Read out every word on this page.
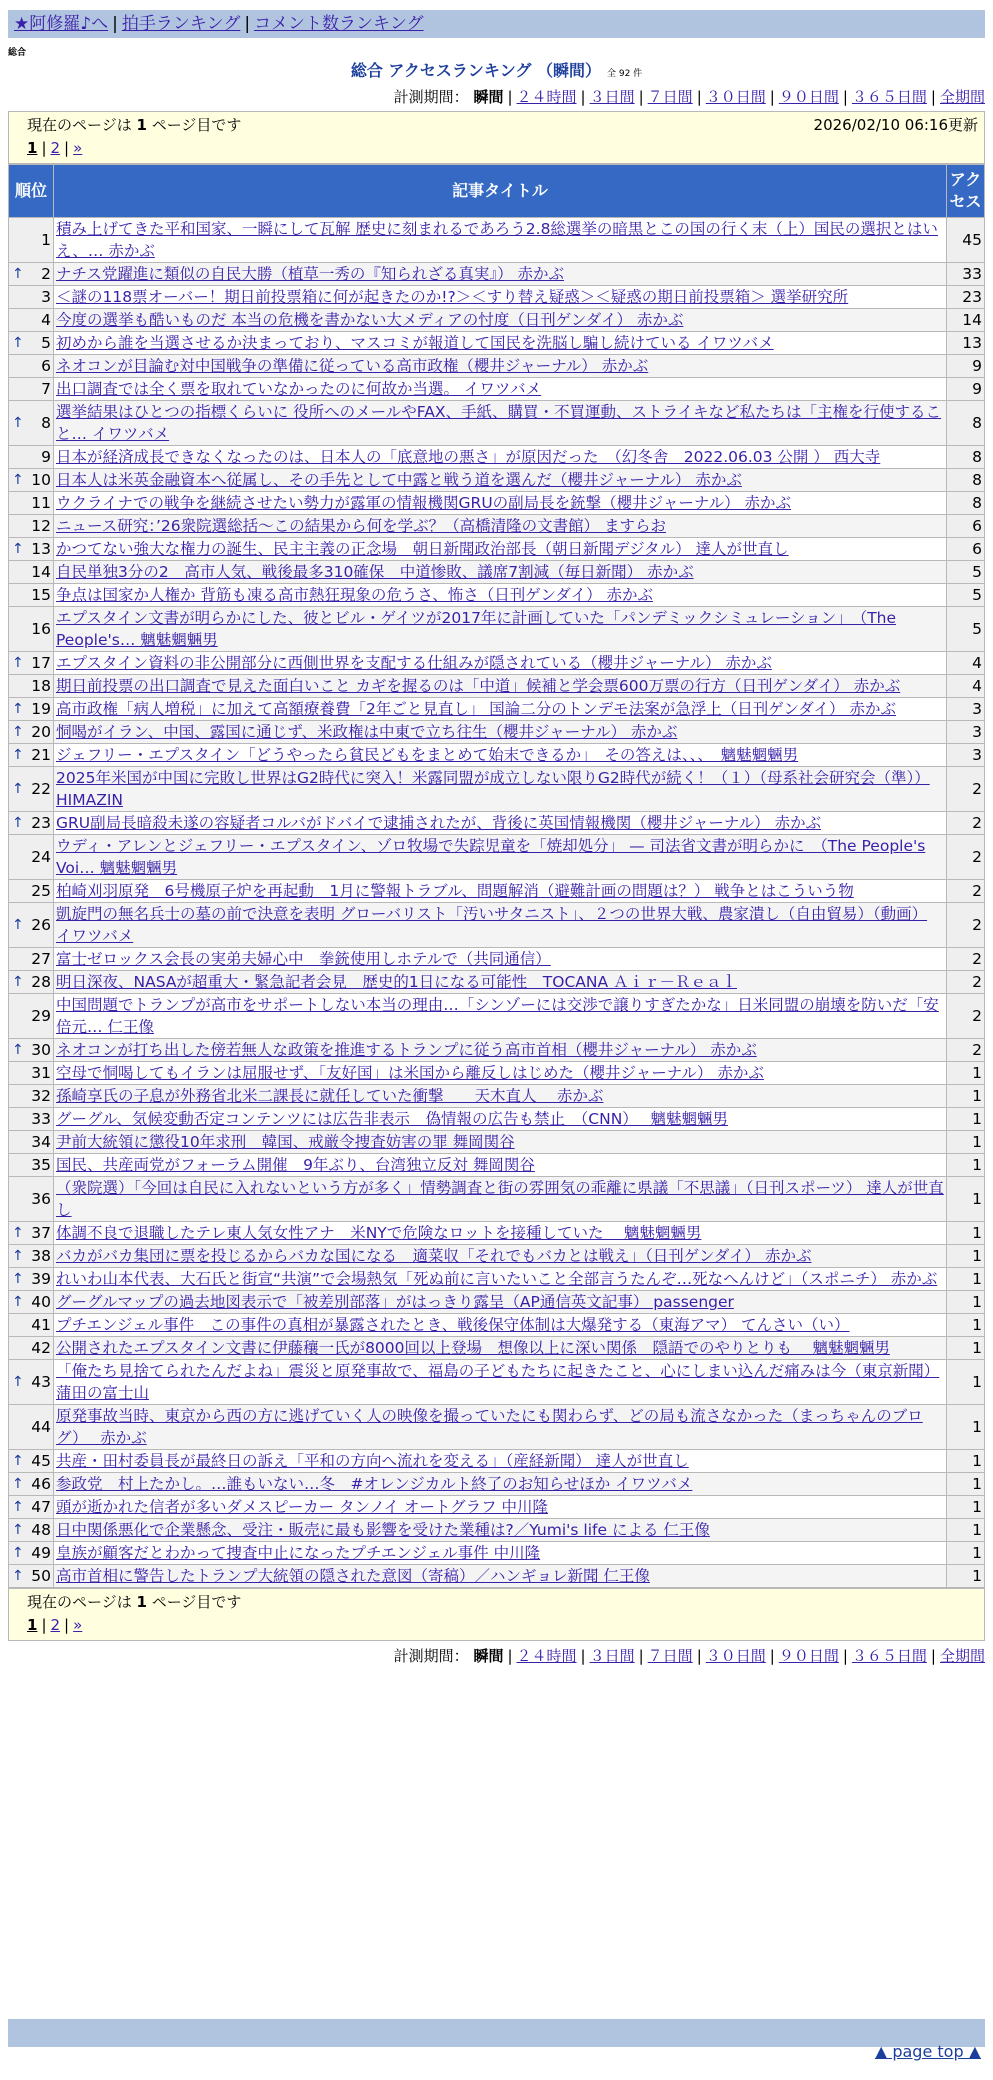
★阿修羅♪へ | 拍手ランキング | コメント数ランキング
総合
総合 アクセスランキング （瞬間） 全 92 件
計測期間： 瞬間 | ２４時間 | ３日間 | ７日間 | ３０日間 | ９０日間 | ３６５日間 | 全期間
現在のページは 1 ページ目です	2026/02/10 06:16更新
1 | 2 | »
順位	記事タイトル	アクセス
1	積み上げてきた平和国家、一瞬にして瓦解 歴史に刻まれるであろう2.8総選挙の暗黒とこの国の行く末（上）国民の選択とはいえ、… 赤かぶ	45

↑ 2	ナチス党躍進に類似の自民大勝（植草一秀の『知られざる真実』） 赤かぶ	33
3	＜謎の118票オーバー！期日前投票箱に何が起きたのか!?＞＜すり替え疑惑＞＜疑惑の期日前投票箱＞ 選挙研究所	23
4	今度の選挙も酷いものだ 本当の危機を書かない大メディアの忖度（日刊ゲンダイ） 赤かぶ	14

↑ 5	初めから誰を当選させるか決まっており、マスコミが報道して国民を洗脳し騙し続けている イワツバメ	13
6	ネオコンが目論む対中国戦争の準備に従っている高市政権（櫻井ジャーナル） 赤かぶ	9
7	出口調査では全く票を取れていなかったのに何故か当選。 イワツバメ	9

↑ 8	選挙結果はひとつの指標くらいに 役所へのメールやFAX、手紙、購買・不買運動、ストライキなど私たちは「主権を行使すること… イワツバメ	8
9	日本が経済成長できなくなったのは、日本人の「底意地の悪さ」が原因だった　（幻冬舎　2022.06.03 公開 ） 西大寺	8

↑ 10	日本人は米英金融資本へ従属し、その手先として中露と戦う道を選んだ（櫻井ジャーナル） 赤かぶ	8
11	ウクライナでの戦争を継続させたい勢力が露軍の情報機関GRUの副局長を銃撃（櫻井ジャーナル） 赤かぶ	8
12	ニュース研究：’26衆院選総括〜この結果から何を学ぶ？（高橋清隆の文書館） ますらお	6

↑ 13	かつてない強大な権力の誕生、民主主義の正念場　朝日新聞政治部長（朝日新聞デジタル） 達人が世直し	6
14	自民単独3分の2　高市人気、戦後最多310確保　中道惨敗、議席7割減（毎日新聞） 赤かぶ	5
15	争点は国家か人権か 背筋も凍る高市熱狂現象の危うさ、怖さ（日刊ゲンダイ） 赤かぶ	5
16	エプスタイン文書が明らかにした、彼とビル・ゲイツが2017年に計画していた「パンデミックシミュレーション」　（The People's… 魑魅魍魎男	5

↑ 17	エプスタイン資料の非公開部分に西側世界を支配する仕組みが隠されている（櫻井ジャーナル） 赤かぶ	4
18	期日前投票の出口調査で見えた面白いこと カギを握るのは「中道」候補と学会票600万票の行方（日刊ゲンダイ） 赤かぶ	4

↑ 19	高市政権「病人増税」に加えて高額療養費「2年ごと見直し」 国論二分のトンデモ法案が急浮上（日刊ゲンダイ） 赤かぶ	3

↑ 20	恫喝がイラン、中国、露国に通じず、米政権は中東で立ち往生（櫻井ジャーナル） 赤かぶ	3

↑ 21	ジェフリー・エプスタイン「どうやったら貧民どもをまとめて始末できるか」　その答えは、、、　魑魅魍魎男	3

↑ 22	2025年米国が中国に完敗し世界はG2時代に突入！米露同盟が成立しない限りG2時代が続く！（１）（母系社会研究会（準）） HIMAZIN	2

↑ 23	GRU副局長暗殺未遂の容疑者コルバがドバイで逮捕されたが、背後に英国情報機関（櫻井ジャーナル） 赤かぶ	2
24	ウディ・アレンとジェフリー・エプスタイン、ゾロ牧場で失踪児童を「焼却処分」 — 司法省文書が明らかに　（The People's Voi… 魑魅魍魎男	2
25	柏崎刈羽原発　6号機原子炉を再起動　1月に警報トラブル、問題解消（避難計画の問題は？） 戦争とはこういう物	2

↑ 26	凱旋門の無名兵士の墓の前で決意を表明 グローバリスト「汚いサタニスト」、２つの世界大戦、農家潰し（自由貿易）（動画） イワツバメ	2
27	富士ゼロックス会長の実弟夫婦心中　拳銃使用しホテルで（共同通信）	2

↑ 28	明日深夜、NASAが超重大・緊急記者会見　歴史的1日になる可能性　TOCANA Ａｉｒ－Ｒｅａｌ	2
29	中国問題でトランプが高市をサポートしない本当の理由…「シンゾーには交渉で譲りすぎたかな」日米同盟の崩壊を防いだ「安倍元… 仁王像	2

↑ 30	ネオコンが打ち出した傍若無人な政策を推進するトランプに従う高市首相（櫻井ジャーナル） 赤かぶ	2
31	空母で恫喝してもイランは屈服せず、「友好国」は米国から離反しはじめた（櫻井ジャーナル） 赤かぶ	1
32	孫崎享氏の子息が外務省北米二課長に就任していた衝撃　　天木直人　 赤かぶ	1
33	グーグル、気候変動否定コンテンツには広告非表示　偽情報の広告も禁止　（CNN）　 魑魅魍魎男	1
34	尹前大統領に懲役10年求刑　韓国、戒厳令捜査妨害の罪 舞岡関谷	1
35	国民、共産両党がフォーラム開催　9年ぶり、台湾独立反対 舞岡関谷	1
36	（衆院選）「今回は自民に入れないという方が多く」情勢調査と街の雰囲気の乖離に県議「不思議」（日刊スポーツ） 達人が世直し	1

↑ 37	体調不良で退職したテレ東人気女性アナ　米NYで危険なロットを接種していた　 魑魅魍魎男	1

↑ 38	バカがバカ集団に票を投じるからバカな国になる　適菜収「それでもバカとは戦え」（日刊ゲンダイ） 赤かぶ	1

↑ 39	れいわ山本代表、大石氏と街宣“共演”で会場熱気「死ぬ前に言いたいこと全部言うたんぞ…死なへんけど」（スポニチ） 赤かぶ	1

↑ 40	グーグルマップの過去地図表示で「被差別部落」がはっきり露呈（AP通信英文記事） passenger	1
41	プチエンジェル事件　この事件の真相が暴露されたとき、戦後保守体制は大爆発する（東海アマ） てんさい（い）	1
42	公開されたエプスタイン文書に伊藤穰一氏が8000回以上登場　想像以上に深い関係　隠語でのやりとりも　 魑魅魍魎男	1

↑ 43	「俺たち見捨てられたんだよね」震災と原発事故で、福島の子どもたちに起きたこと、心にしまい込んだ痛みは今（東京新聞） 蒲田の富士山	1
44	原発事故当時、東京から西の方に逃げていく人の映像を撮っていたにも関わらず、どの局も流さなかった（まっちゃんのブログ）　 赤かぶ	1

↑ 45	共産・田村委員長が最終日の訴え「平和の方向へ流れを変える」（産経新聞） 達人が世直し	1

↑ 46	参政党　村上たかし。…誰もいない…冬　#オレンジカルト終了のお知らせほか イワツバメ	1

↑ 47	頭が逝かれた信者が多いダメスピーカー タンノイ オートグラフ 中川隆	1

↑ 48	日中関係悪化で企業懸念、受注・販売に最も影響を受けた業種は?／Yumi's life による 仁王像	1

↑ 49	皇族が顧客だとわかって捜査中止になったプチエンジェル事件 中川隆	1

↑ 50	高市首相に警告したトランプ大統領の隠された意図（寄稿）／ハンギョレ新聞 仁王像	1
現在のページは 1 ページ目です
1 | 2 | »
計測期間： 瞬間 | ２４時間 | ３日間 | ７日間 | ３０日間 | ９０日間 | ３６５日間 | 全期間
▲ page top ▲
